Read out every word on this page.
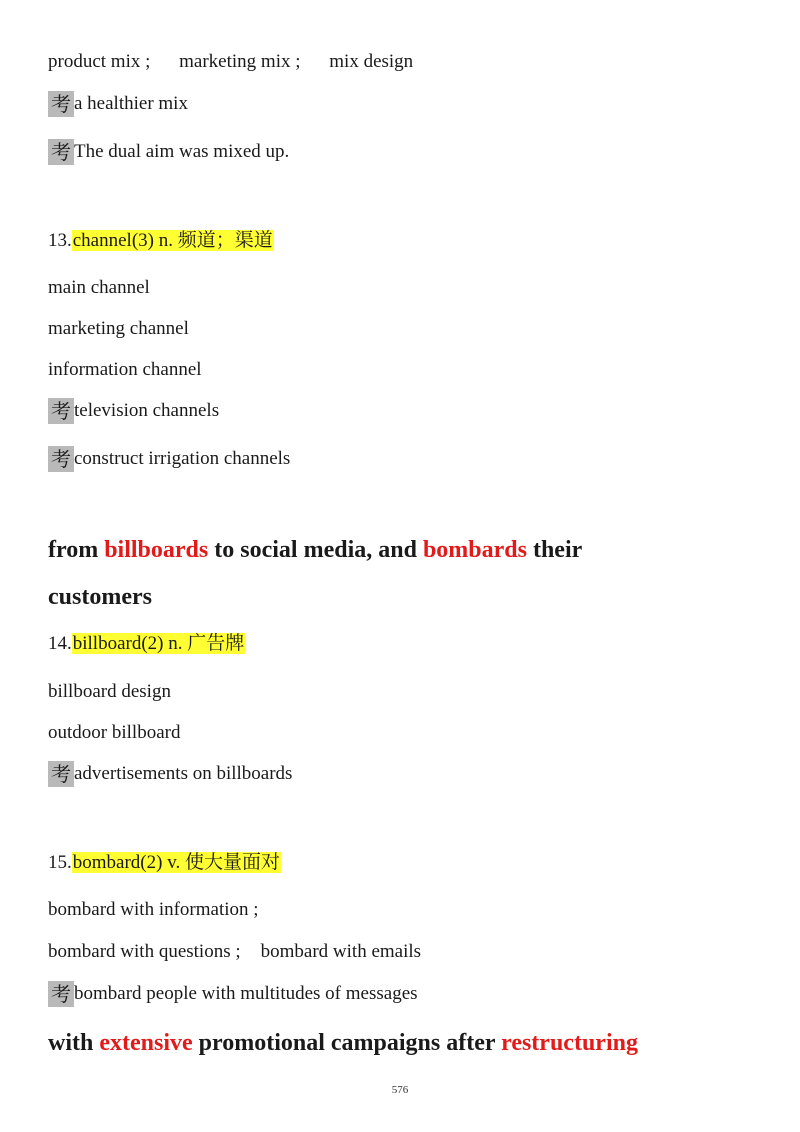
product mix ; marketing mix ; mix design
考 a healthier mix
考 The dual aim was mixed up.
13.channel(3) n. 频道；渠道
main channel
marketing channel
information channel
考 television channels
考 construct irrigation channels
from billboards to social media, and bombards their
customers
14.billboard(2) n. 广告牌
billboard design
outdoor billboard
考 advertisements on billboards
15.bombard(2) v. 使大量面对
bombard with information ;
bombard with questions ; bombard with emails
考 bombard people with multitudes of messages
with extensive promotional campaigns after restructuring
576
